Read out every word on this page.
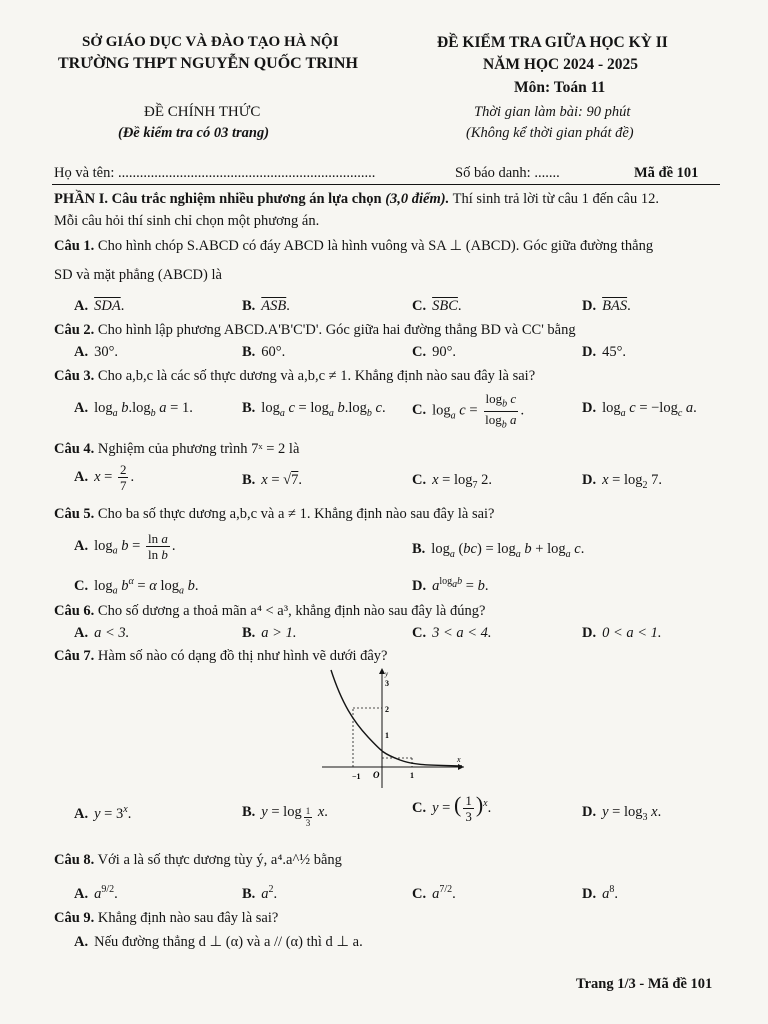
SỞ GIÁO DỤC VÀ ĐÀO TẠO HÀ NỘI
TRƯỜNG THPT NGUYỄN QUỐC TRINH
ĐỀ CHÍNH THỨC
(Đề kiểm tra có 03 trang)
ĐỀ KIỂM TRA GIỮA HỌC KỲ II
NĂM HỌC 2024 - 2025
Môn: Toán 11
Thời gian làm bài: 90 phút
(Không kể thời gian phát đề)
Họ và tên: .......................................................................	Số báo danh: .......	Mã đề 101
PHẦN I. Câu trắc nghiệm nhiều phương án lựa chọn (3,0 điểm). Thí sinh trả lời từ câu 1 đến câu 12.
Mỗi câu hỏi thí sinh chỉ chọn một phương án.
Câu 1. Cho hình chóp S.ABCD có đáy ABCD là hình vuông và SA ⊥ (ABCD). Góc giữa đường thẳng
SD và mặt phẳng (ABCD) là
A. $\overline{SDA}$.	B. $\overline{ASB}$.	C. $\overline{SBC}$.	D. $\overline{BAS}$.
Câu 2. Cho hình lập phương ABCD.A'B'C'D'. Góc giữa hai đường thẳng BD và CC' bằng
A. 30°.	B. 60°.	C. 90°.	D. 45°.
Câu 3. Cho a,b,c là các số thực dương và a,b,c ≠ 1. Khẳng định nào sau đây là sai?
A. $\log_a b.\log_b$ a = 1.	B. $\log_a c = \log_a b.\log_b$ c. C. $\log_a c = \frac{\log_b c}{\log_b a}$ .	D. $\log_a c = -\log_c$ a.
Câu 4. Nghiệm của phương trình 7ˣ = 2 là
A. $x = \frac{2}{7}$ .	B. x = √7.	C. $x = \log_7 2$.	D. $x = \log_2 7$.
Câu 5. Cho ba số thực dương a,b,c và a ≠ 1. Khẳng định nào sau đây là sai?
A. $\log_a b = \frac{\text{ln a}}{\text{ln b}}$ .	B. $\log_a (bc) = \log_a b + \log_a c$.
C. $\log_a b^\alpha = \alpha$ $\log_a b$.	D. $a^{log_ab} = b$.
Câu 6. Cho số dương a thoả mãn a⁴ < a³, khẳng định nào sau đây là đúng?
A. a < 3.	B. a > 1.	C. 3 < a < 4.	D. 0 < a < 1.
Câu 7. Hàm số nào có dạng đồ thị như hình vẽ dưới đây?
−1 O	1
1
2
3
x
y
A. $y = 3^x$.	B. y = log $_{\frac{1}{3}}$ x.	C. y = ( $\frac{1}{3} )^x$.	D. $y = \log_3 x$.
Câu 8. Với a là số thực dương tùy ý, a⁴.a^½ bằng
A. $a^{9/2}$.	B. $a^2$.	C. $a^{7/2}$.	D. $a^8$.
Câu 9. Khẳng định nào sau đây là sai?
A. Nếu đường thẳng d ⊥ (α) và a // (α) thì d ⊥ a.
Trang 1/3 - Mã đề 101
